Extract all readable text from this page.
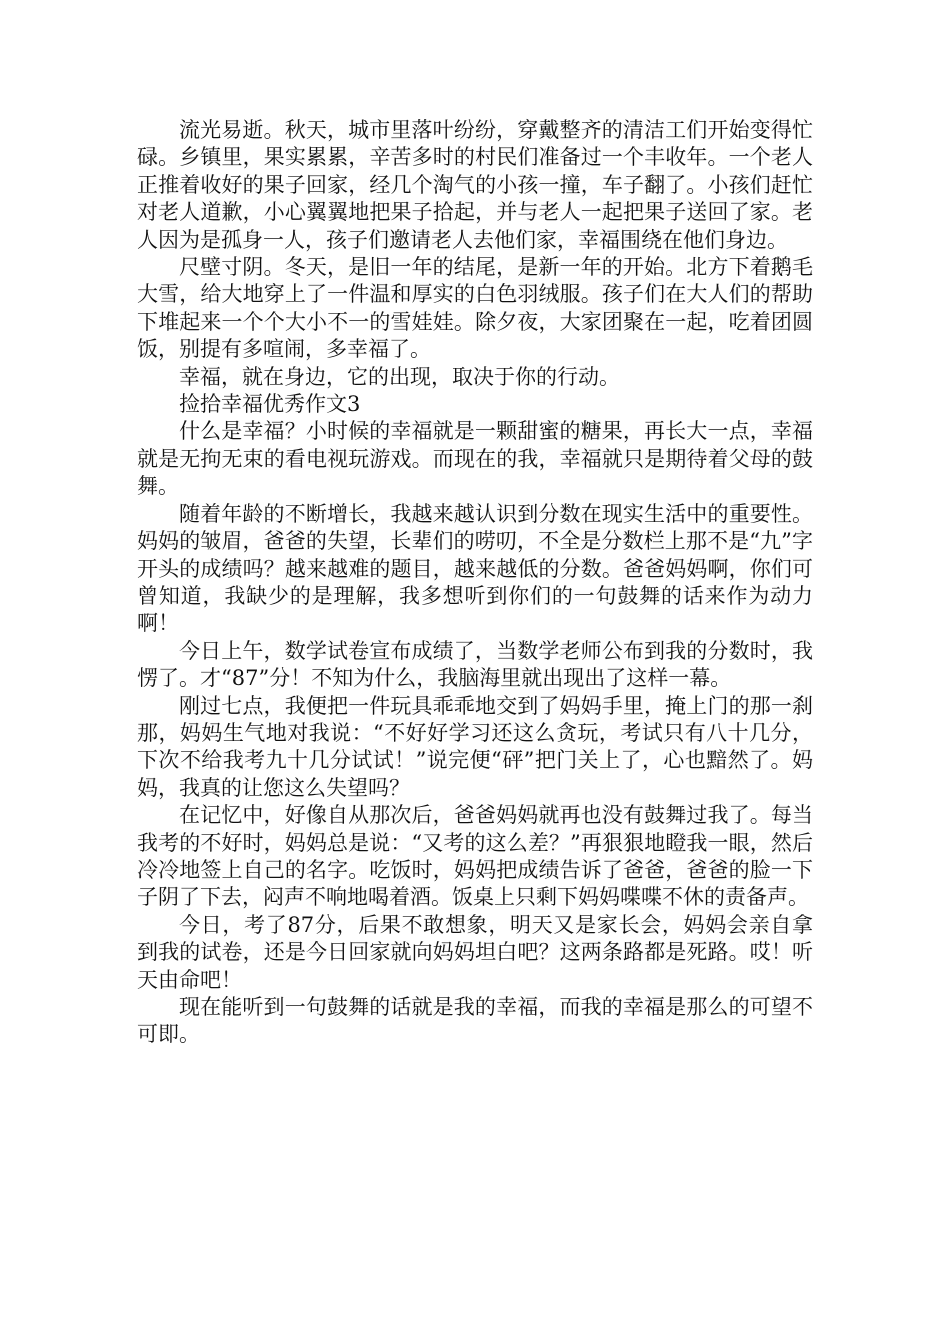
流光易逝。秋天，城市里落叶纷纷，穿戴整齐的清洁工们开始变得忙碌。乡镇里，果实累累，辛苦多时的村民们准备过一个丰收年。一个老人正推着收好的果子回家，经几个淘气的小孩一撞，车子翻了。小孩们赶忙对老人道歉，小心翼翼地把果子拾起，并与老人一起把果子送回了家。老人因为是孤身一人，孩子们邀请老人去他们家，幸福围绕在他们身边。

尺壁寸阴。冬天，是旧一年的结尾，是新一年的开始。北方下着鹅毛大雪，给大地穿上了一件温和厚实的白色羽绒服。孩子们在大人们的帮助下堆起来一个个大小不一的雪娃娃。除夕夜，大家团聚在一起，吃着团圆饭，别提有多喧闹，多幸福了。

幸福，就在身边，它的出现，取决于你的行动。

捡拾幸福优秀作文3

什么是幸福？小时候的幸福就是一颗甜蜜的糖果，再长大一点，幸福就是无拘无束的看电视玩游戏。而现在的我，幸福就只是期待着父母的鼓舞。

随着年龄的不断增长，我越来越认识到分数在现实生活中的重要性。妈妈的皱眉，爸爸的失望，长辈们的唠叨，不全是分数栏上那不是“九”字开头的成绩吗？越来越难的题目，越来越低的分数。爸爸妈妈啊，你们可曾知道，我缺少的是理解，我多想听到你们的一句鼓舞的话来作为动力啊！

今日上午，数学试卷宣布成绩了，当数学老师公布到我的分数时，我愣了。才“87”分！不知为什么，我脑海里就出现出了这样一幕。

刚过七点，我便把一件玩具乖乖地交到了妈妈手里，掩上门的那一刹那，妈妈生气地对我说：“不好好学习还这么贪玩，考试只有八十几分，下次不给我考九十几分试试！”说完便“砰”把门关上了，心也黯然了。妈妈，我真的让您这么失望吗？

在记忆中，好像自从那次后，爸爸妈妈就再也没有鼓舞过我了。每当我考的不好时，妈妈总是说：“又考的这么差？”再狠狠地瞪我一眼，然后冷冷地签上自己的名字。吃饭时，妈妈把成绩告诉了爸爸，爸爸的脸一下子阴了下去，闷声不响地喝着酒。饭桌上只剩下妈妈喋喋不休的责备声。

今日，考了87分，后果不敢想象，明天又是家长会，妈妈会亲自拿到我的试卷，还是今日回家就向妈妈坦白吧？这两条路都是死路。哎！听天由命吧！

现在能听到一句鼓舞的话就是我的幸福，而我的幸福是那么的可望不可即。
